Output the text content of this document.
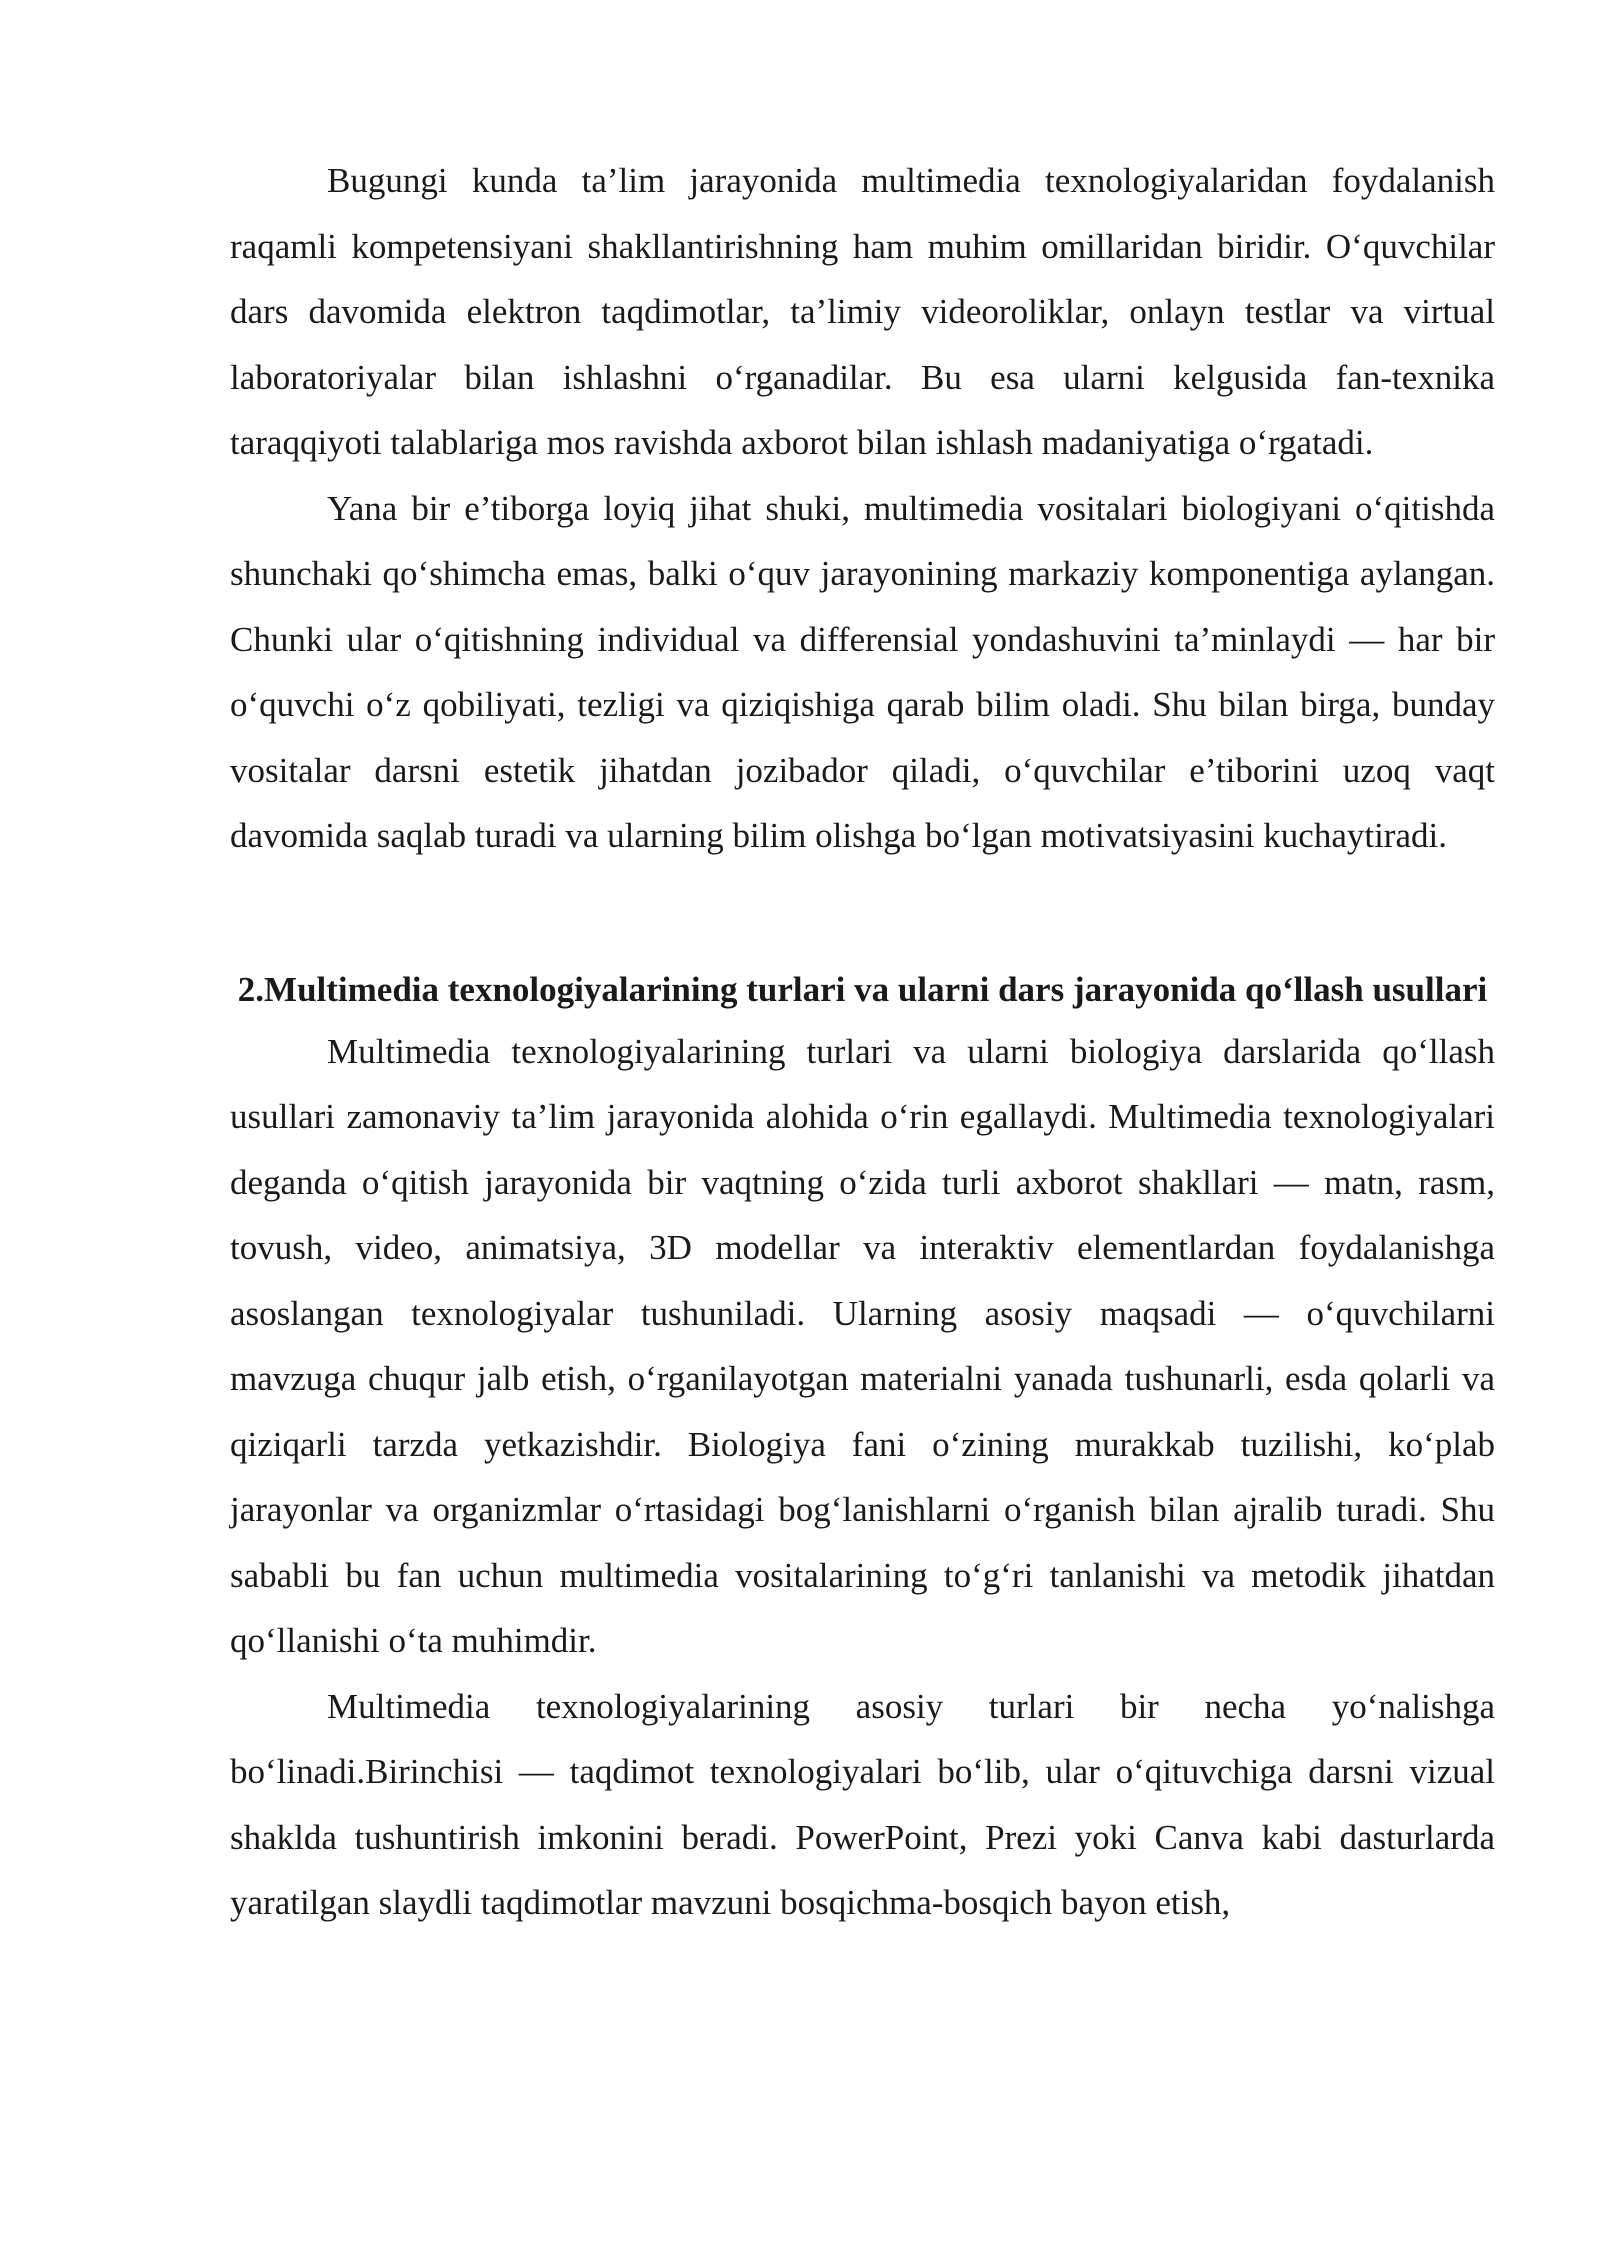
Bugungi kunda ta’lim jarayonida multimedia texnologiyalaridan foydalanish raqamli kompetensiyani shakllantirishning ham muhim omillaridan biridir. O‘quvchilar dars davomida elektron taqdimotlar, ta’limiy videoroliklar, onlayn testlar va virtual laboratoriyalar bilan ishlashni o‘rganadilar. Bu esa ularni kelgusida fan-texnika taraqqiyoti talablariga mos ravishda axborot bilan ishlash madaniyatiga o‘rgatadi.

Yana bir e’tiborga loyiq jihat shuki, multimedia vositalari biologiyani o‘qitishda shunchaki qo‘shimcha emas, balki o‘quv jarayonining markaziy komponentiga aylangan. Chunki ular o‘qitishning individual va differensial yondashuvini ta’minlaydi — har bir o‘quvchi o‘z qobiliyati, tezligi va qiziqishiga qarab bilim oladi. Shu bilan birga, bunday vositalar darsni estetik jihatdan jozibador qiladi, o‘quvchilar e’tiborini uzoq vaqt davomida saqlab turadi va ularning bilim olishga bo‘lgan motivatsiyasini kuchaytiradi.

2.Multimedia texnologiyalarining turlari va ularni dars jarayonida qo‘llash usullari

Multimedia texnologiyalarining turlari va ularni biologiya darslarida qo‘llash usullari zamonaviy ta’lim jarayonida alohida o‘rin egallaydi. Multimedia texnologiyalari deganda o‘qitish jarayonida bir vaqtning o‘zida turli axborot shakllari — matn, rasm, tovush, video, animatsiya, 3D modellar va interaktiv elementlardan foydalanishga asoslangan texnologiyalar tushuniladi. Ularning asosiy maqsadi — o‘quvchilarni mavzuga chuqur jalb etish, o‘rganilayotgan materialni yanada tushunarli, esda qolarli va qiziqarli tarzda yetkazishdir. Biologiya fani o‘zining murakkab tuzilishi, ko‘plab jarayonlar va organizmlar o‘rtasidagi bog‘lanishlarni o‘rganish bilan ajralib turadi. Shu sababli bu fan uchun multimedia vositalarining to‘g‘ri tanlanishi va metodik jihatdan qo‘llanishi o‘ta muhimdir.

Multimedia texnologiyalarining asosiy turlari bir necha yo‘nalishga bo‘linadi.Birinchisi — taqdimot texnologiyalari bo‘lib, ular o‘qituvchiga darsni vizual shaklda tushuntirish imkonini beradi. PowerPoint, Prezi yoki Canva kabi dasturlarda yaratilgan slaydli taqdimotlar mavzuni bosqichma-bosqich bayon etish,
